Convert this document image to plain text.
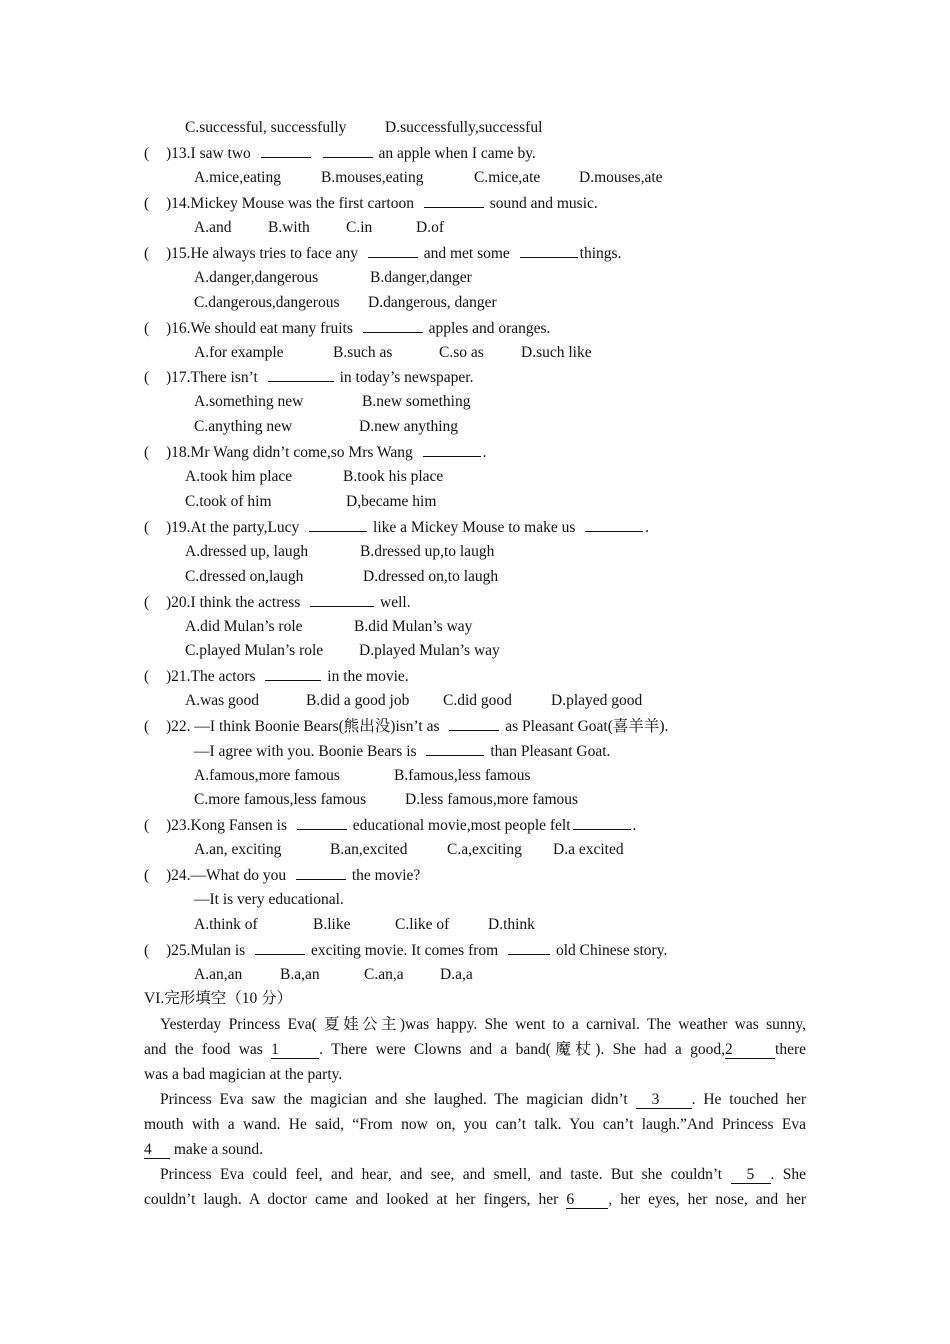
C.successful, successfully D.successfully,successful
( )13.I saw two	an apple when I came by.
A.mice,eating	B.mouses,eating	C.mice,ate D.mouses,ate
( )14.Mickey Mouse was the first cartoon	sound and music.
A.and B.with C.in	D.of
( )15.He always tries to face any	and met some	things.
A.danger,dangerous	B.danger,danger
C.dangerous,dangerous D.dangerous, danger
( )16.We should eat many fruits	apples and oranges.
A.for example	B.such as	C.so as D.such like
( )17.There isn’t	in today’s newspaper.
A.something new	B.new something
C.anything new	D.new anything
( )18.Mr Wang didn’t come,so Mrs Wang	.
A.took him place	B.took his place
C.took of him	D,became him
( )19.At the party,Lucy	like a Mickey Mouse to make us	.
A.dressed up, laugh	B.dressed up,to laugh
C.dressed on,laugh	D.dressed on,to laugh
( )20.I think the actress	well.
A.did Mulan’s role	B.did Mulan’s way
C.played Mulan’s role D.played Mulan’s way
( )21.The actors	in the movie.
A.was good	B.did a good job C.did good	D.played good
( )22. —I think Boonie Bears(熊出没)isn’t as	as Pleasant Goat(喜羊羊).
—I agree with you. Boonie Bears is	than Pleasant Goat.
A.famous,more famous	B.famous,less famous
C.more famous,less famous	D.less famous,more famous
( )23.Kong Fansen is	educational movie,most people felt	.
A.an, exciting	B.an,excited	C.a,exciting D.a excited
( )24.—What do you	the movie?
—It is very educational.
A.think of	B.like	C.like of	D.think
( )25.Mulan is	exciting movie. It comes from	old Chinese story.
A.an,an B.a,an	C.an,a D.a,a
VI.完形填空（10 分）
Yesterday Princess Eva( 夏娃公主)was happy. She went to a carnival. The weather was sunny,
and the food was 1	. There were Clowns and a band(魔杖). She had a good,2	there
was a bad magician at the party.
Princess Eva saw the magician and she laughed. The magician didn’t 3 . He touched her
mouth with a wand. He said, “From now on, you can’t talk. You can’t laugh.”And Princess Eva
4 make a sound.
Princess Eva could feel, and hear, and see, and smell, and taste. But she couldn’t 5 . She
couldn’t laugh. A doctor came and looked at her fingers, her 6 , her eyes, her nose, and her
